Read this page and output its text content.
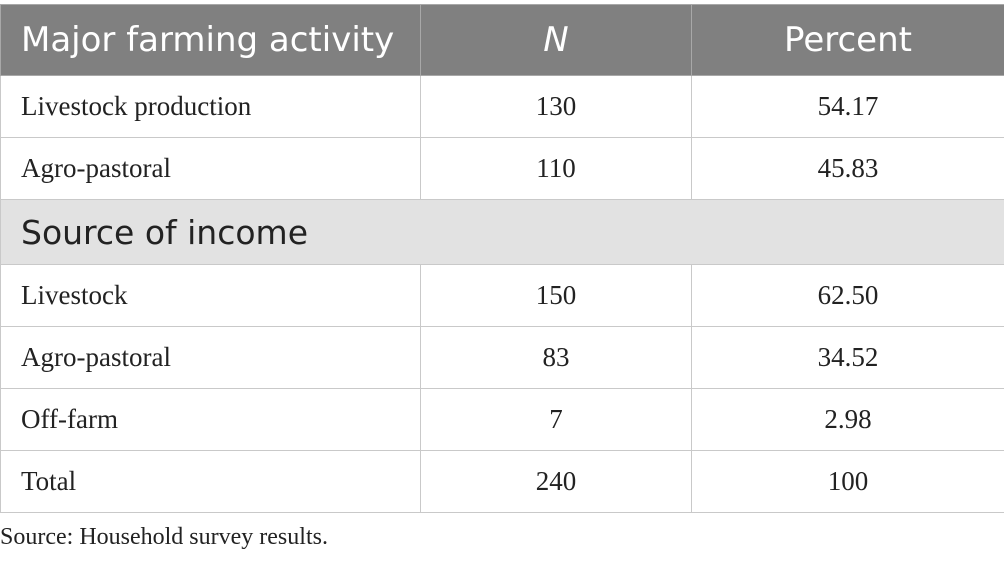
Major farming activity	N	Percent
Livestock production	130	54.17
Agro-pastoral	110	45.83
Source of income		
Livestock	150	62.50
Agro-pastoral	83	34.52
Off-farm	7	2.98
Total	240	100
Source: Household survey results.
